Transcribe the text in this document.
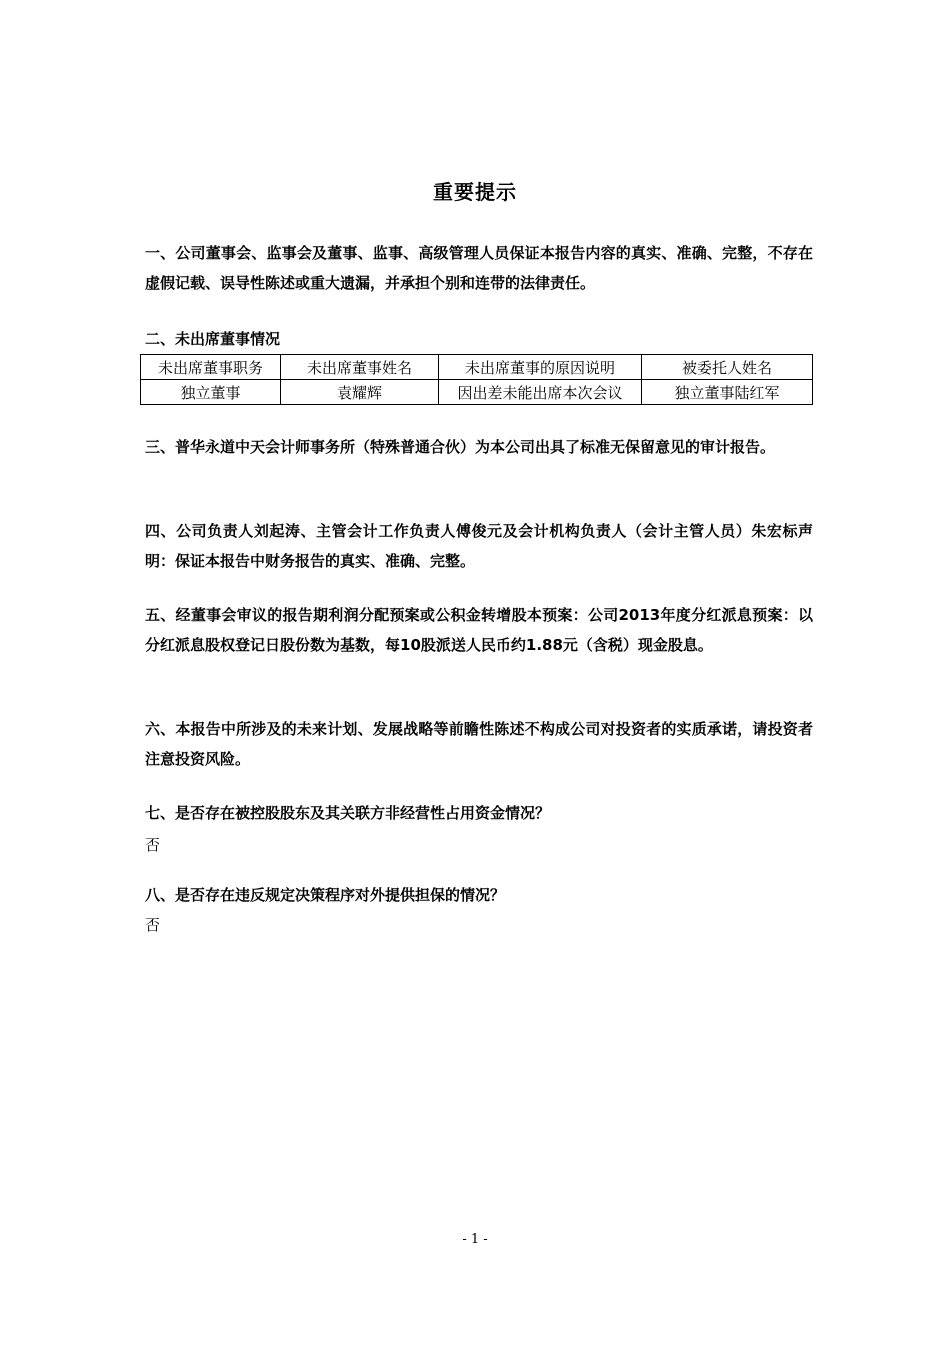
重要提示
一、公司董事会、监事会及董事、监事、高级管理人员保证本报告内容的真实、准确、完整，不存在虚假记载、误导性陈述或重大遗漏，并承担个别和连带的法律责任。
二、未出席董事情况
未出席董事职务	未出席董事姓名	未出席董事的原因说明	被委托人姓名
独立董事	袁耀辉	因出差未能出席本次会议	独立董事陆红军
三、普华永道中天会计师事务所（特殊普通合伙）为本公司出具了标准无保留意见的审计报告。
四、公司负责人刘起涛、主管会计工作负责人傅俊元及会计机构负责人（会计主管人员）朱宏标声明：保证本报告中财务报告的真实、准确、完整。
五、经董事会审议的报告期利润分配预案或公积金转增股本预案：公司2013年度分红派息预案：以分红派息股权登记日股份数为基数，每10股派送人民币约1.88元（含税）现金股息。
六、本报告中所涉及的未来计划、发展战略等前瞻性陈述不构成公司对投资者的实质承诺，请投资者注意投资风险。
七、是否存在被控股股东及其关联方非经营性占用资金情况？
否
八、是否存在违反规定决策程序对外提供担保的情况？
否
- 1 -
